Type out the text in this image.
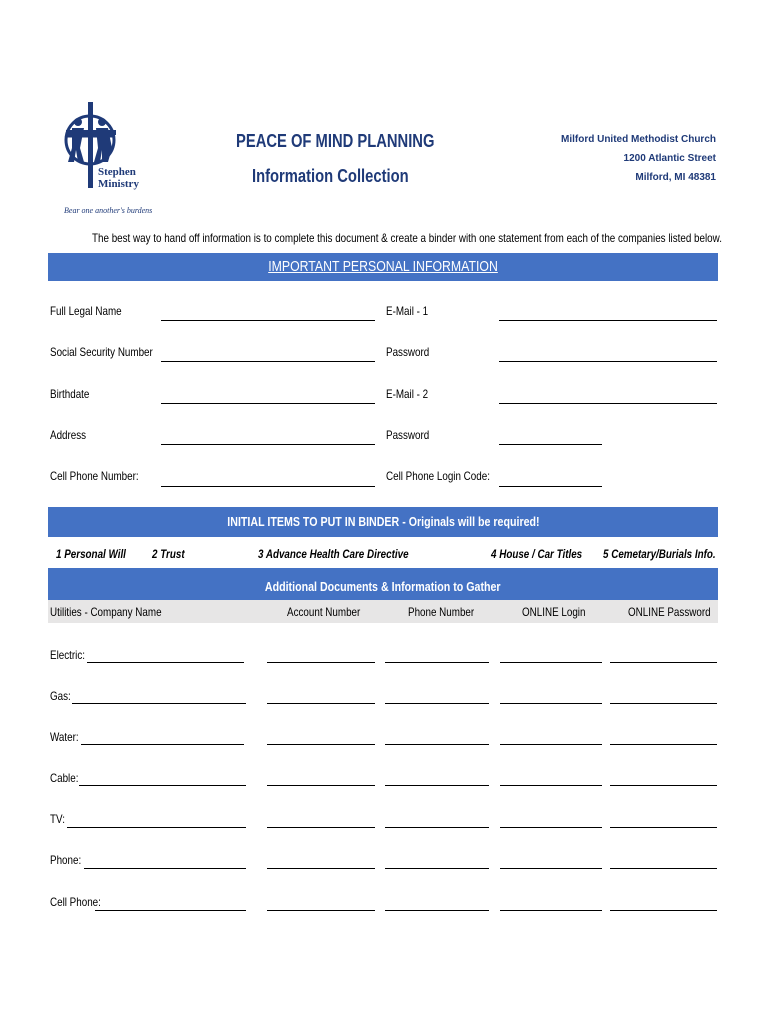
Stephen
Ministry
Bear one another's burdens
PEACE OF MIND PLANNING
Information Collection
Milford United Methodist Church
1200 Atlantic Street
Milford, MI 48381
The best way to hand off information is to complete this document & create a binder with one statement from each of the companies listed below.
IMPORTANT PERSONAL INFORMATION
Full Legal Name	E-Mail - 1
Social Security Number	Password
Birthdate	E-Mail - 2
Address	Password
Cell Phone Number:	Cell Phone Login Code:
INITIAL ITEMS TO PUT IN BINDER - Originals will be required!
1 Personal Will 2 Trust	3 Advance Health Care Directive	4 House / Car Titles 5 Cemetary/Burials Info.
Additional Documents & Information to Gather
Utilities - Company Name	Account Number	Phone Number	ONLINE Login	ONLINE Password
Electric:
Gas:
Water:
Cable:
TV:
Phone:
Cell Phone:
